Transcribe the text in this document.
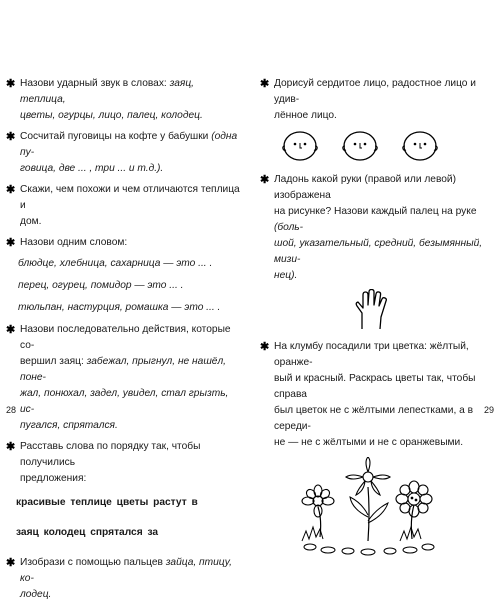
✱ Назови ударный звук в словах: заяц, теплица,

цветы, огурцы, лицо, палец, колодец.

✱ Сосчитай пуговицы на кофте у бабушки (одна пу-

говица, две ... , три ... и т.д.).

✱ Скажи, чем похожи и чем отличаются теплица и

дом.

✱ Назови одним словом:

блюдце, хлебница, сахарница — это ... .

перец, огурец, помидор — это ... .

тюльпан, настурция, ромашка — это ... .

✱ Назови последовательно действия, которые со-

вершил заяц: забежал, прыгнул, не нашёл, поне-

жал, понюхал, задел, увидел, стал грызть, ис-

пугался, спрятался.

✱ Расставь слова по порядку так, чтобы получились

предложения:

красивые теплице цветы растут в

заяц колодец спрятался за

✱ Изобрази с помощью пальцев зайца, птицу, ко-

лодец.

28
✱ Дорисуй сердитое лицо, радостное лицо и удив-

лённое лицо.

✱ Ладонь какой руки (правой или левой) изображена

на рисунке? Назови каждый палец на руке (боль-

шой, указательный, средний, безымянный, мизи-

нец).

✱ На клумбу посадили три цветка: жёлтый, оранже-

вый и красный. Раскрась цветы так, чтобы справа

был цветок не с жёлтыми лепестками, а в середи-

не — не с жёлтыми и не с оранжевыми.

29
